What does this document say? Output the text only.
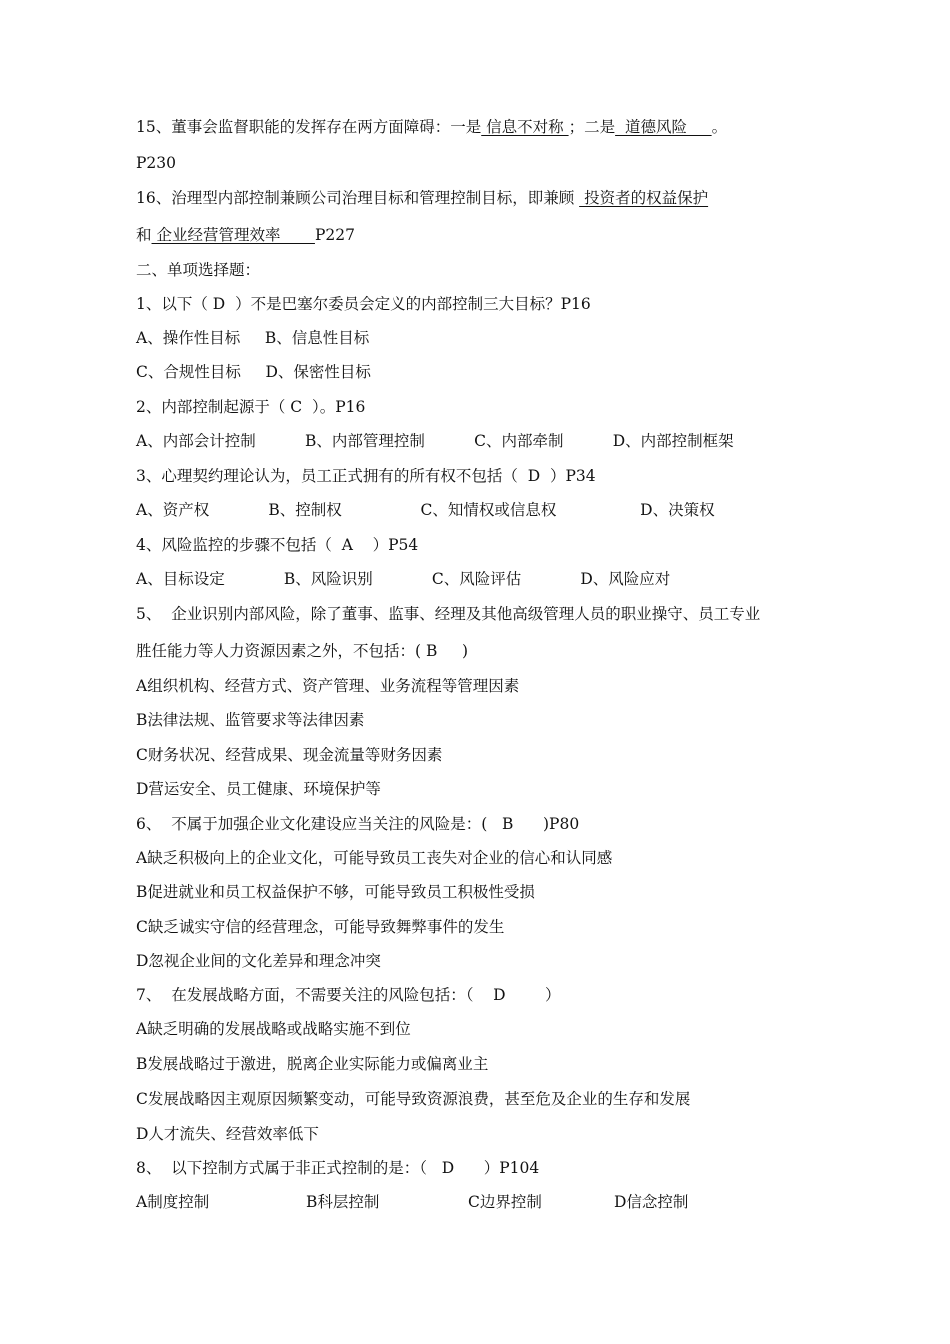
15、董事会监督职能的发挥存在两方面障碍：一是 信息不对称 ；二是  道德风险     。
P230
16、治理型内部控制兼顾公司治理目标和管理控制目标，即兼顾  投资者的权益保护
和 企业经营管理效率       P227
二、单项选择题：
1、以下（ D  ）不是巴塞尔委员会定义的内部控制三大目标？P16
A、操作性目标     B、信息性目标
C、合规性目标     D、保密性目标
2、内部控制起源于（ C  ）。P16
A、内部会计控制          B、内部管理控制          C、内部牵制          D、内部控制框架
3、心理契约理论认为，员工正式拥有的所有权不包括（  D  ）P34
A、资产权            B、控制权                C、知情权或信息权                 D、决策权
4、风险监控的步骤不包括（  A    ）P54
A、目标设定            B、风险识别            C、风险评估            D、风险应对
5、  企业识别内部风险，除了董事、监事、经理及其他高级管理人员的职业操守、员工专业
胜任能力等人力资源因素之外，不包括：( B     )
A组织机构、经营方式、资产管理、业务流程等管理因素
B法律法规、监管要求等法律因素
C财务状况、经营成果、现金流量等财务因素
D营运安全、员工健康、环境保护等
6、  不属于加强企业文化建设应当关注的风险是：(   B      )P80
A缺乏积极向上的企业文化，可能导致员工丧失对企业的信心和认同感
B促进就业和员工权益保护不够，可能导致员工积极性受损
C缺乏诚实守信的经营理念，可能导致舞弊事件的发生
D忽视企业间的文化差异和理念冲突
7、  在发展战略方面，不需要关注的风险包括：（    D        ）
A缺乏明确的发展战略或战略实施不到位
B发展战略过于激进，脱离企业实际能力或偏离业主
C发展战略因主观原因频繁变动，可能导致资源浪费，甚至危及企业的生存和发展
D人才流失、经营效率低下
8、  以下控制方式属于非正式控制的是：（   D      ）P104
A制度控制	B科层控制	C边界控制	D信念控制
